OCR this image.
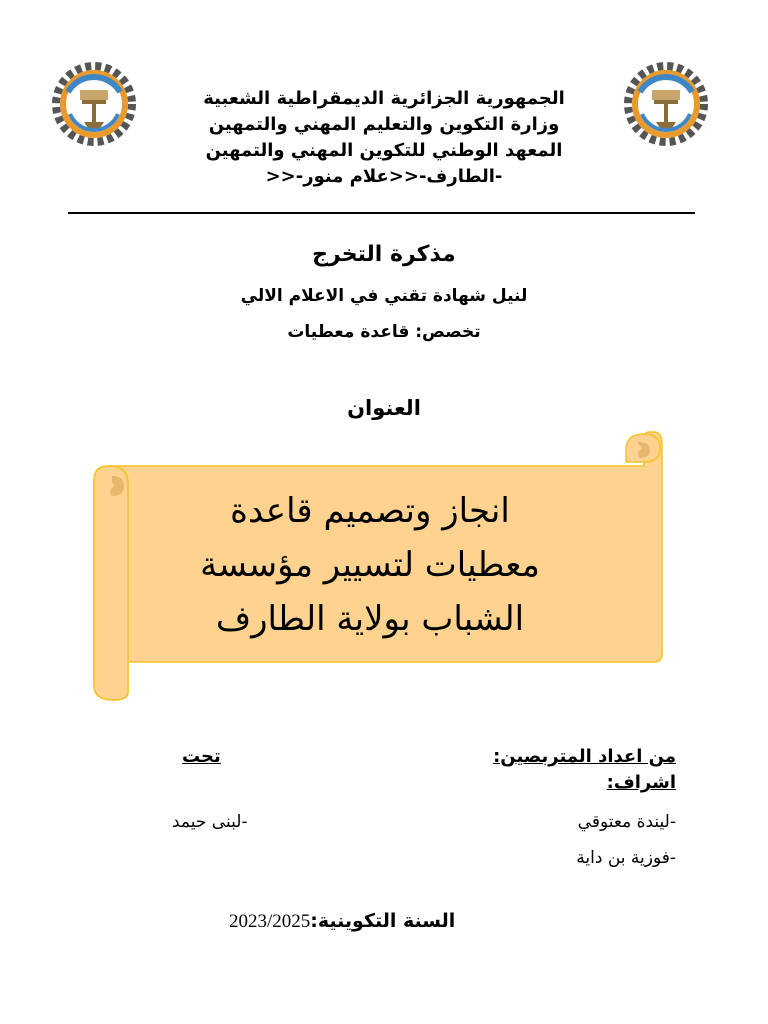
الجمهورية الجزائرية الديمقراطية الشعبية
وزارة التكوين والتعليم المهني والتمهين
المعهد الوطني للتكوين المهني والتمهين
-الطارف-<<علام منور-<<
مذكرة التخرج
لنيل شهادة تقني في الاعلام الالي
تخصص: قاعدة معطيات
العنوان
انجاز وتصميم قاعدة
معطيات لتسيير مؤسسة
الشباب بولاية الطارف
من اعداد المتربصين:
اشراف:
تحت
-ليندة معتوقي
-فوزية بن داية
-لبنى حيمد
2023/2025السنة التكوينية:
